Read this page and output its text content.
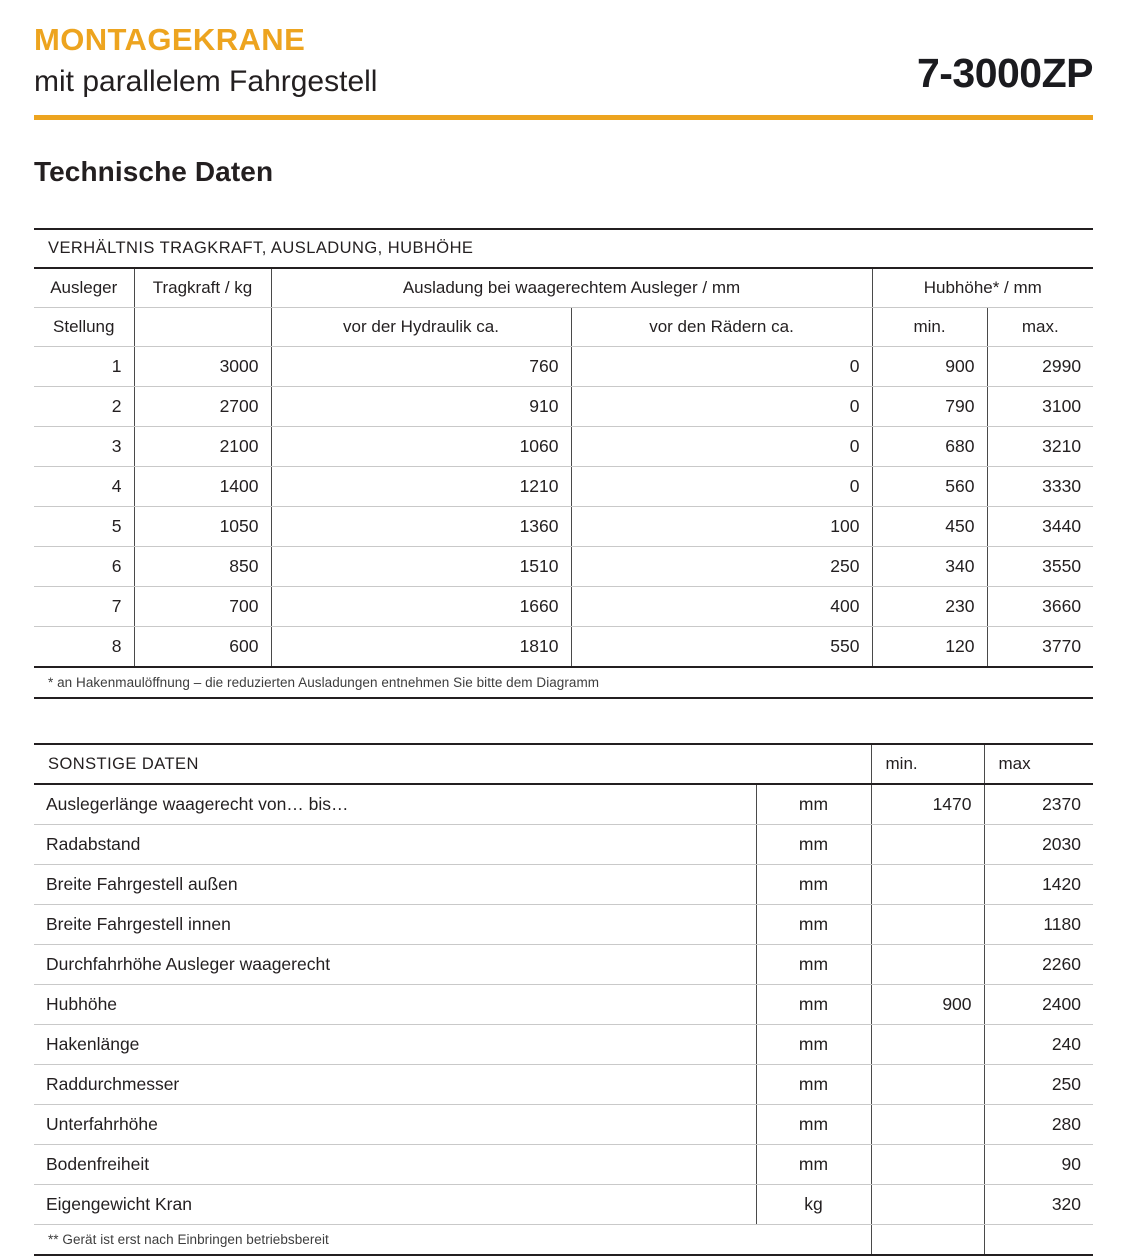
MONTAGEKRANE
mit parallelem Fahrgestell	7-3000ZP
Technische Daten
VERHÄLTNIS TRAGKRAFT, AUSLADUNG, HUBHÖHE					
Ausleger	Tragkraft / kg	Ausladung bei waagerechtem Ausleger / mm		Hubhöhe* / mm	
Stellung		vor der Hydraulik ca.	vor den Rädern ca.	min.	max.
1	3000	760	0	900	2990
2	2700	910	0	790	3100
3	2100	1060	0	680	3210
4	1400	1210	0	560	3330
5	1050	1360	100	450	3440
6	850	1510	250	340	3550
7	700	1660	400	230	3660
8	600	1810	550	120	3770
* an Hakenmaulöffnung – die reduzierten Ausladungen entnehmen Sie bitte dem Diagramm					
SONSTIGE DATEN		min.	max
Auslegerlänge waagerecht von… bis…	mm	1470	2370
Radabstand	mm		2030
Breite Fahrgestell außen	mm		1420
Breite Fahrgestell innen	mm		1180
Durchfahrhöhe Ausleger waagerecht	mm		2260
Hubhöhe	mm	900	2400
Hakenlänge	mm		240
Raddurchmesser	mm		250
Unterfahrhöhe	mm		280
Bodenfreiheit	mm		90
Eigengewicht Kran	kg		320
** Gerät ist erst nach Einbringen betriebsbereit			
